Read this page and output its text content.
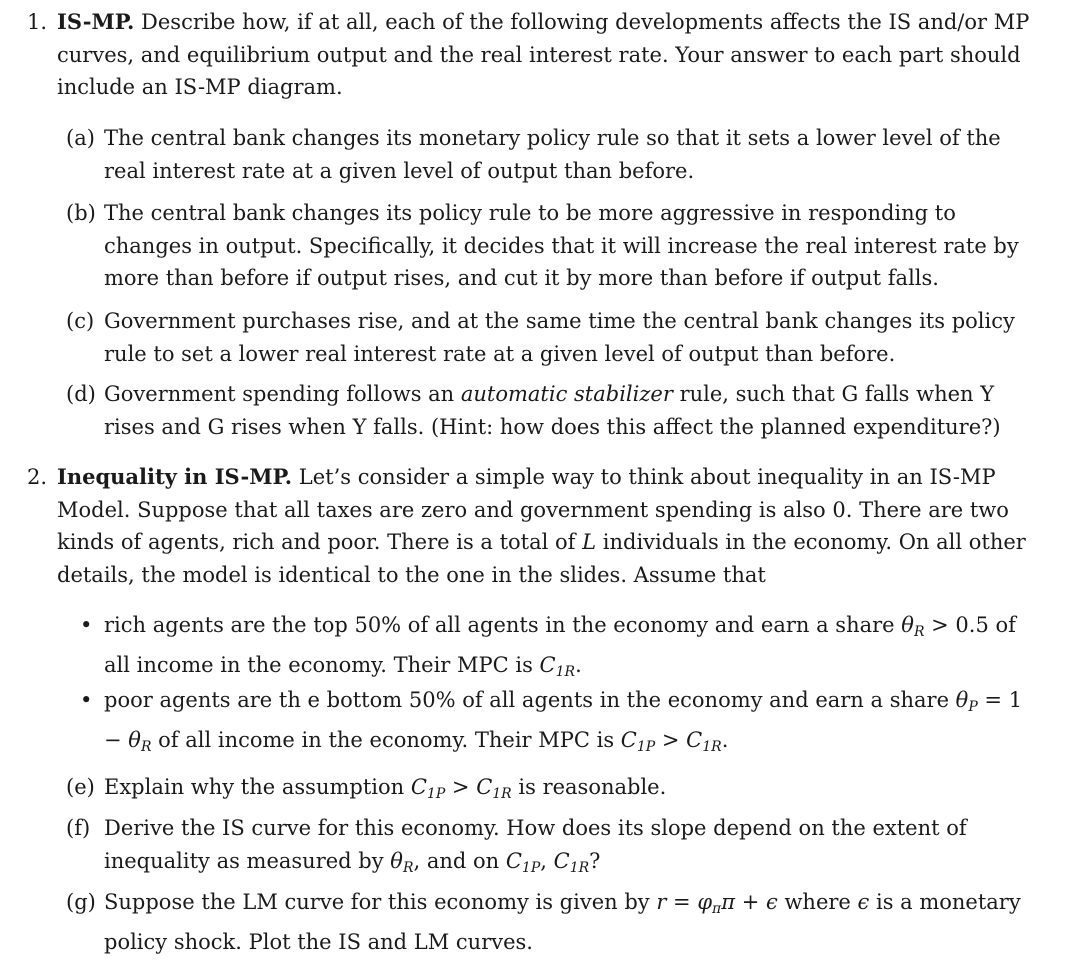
1. IS-MP. Describe how, if at all, each of the following developments affects the IS and/or MP curves, and equilibrium output and the real interest rate. Your answer to each part should include an IS-MP diagram.
(a) The central bank changes its monetary policy rule so that it sets a lower level of the real interest rate at a given level of output than before.
(b) The central bank changes its policy rule to be more aggressive in responding to changes in output. Specifically, it decides that it will increase the real interest rate by more than before if output rises, and cut it by more than before if output falls.
(c) Government purchases rise, and at the same time the central bank changes its policy rule to set a lower real interest rate at a given level of output than before.
(d) Government spending follows an automatic stabilizer rule, such that G falls when Y rises and G rises when Y falls. (Hint: how does this affect the planned expenditure?)
2. Inequality in IS-MP. Let’s consider a simple way to think about inequality in an IS-MP Model. Suppose that all taxes are zero and government spending is also 0. There are two kinds of agents, rich and poor. There is a total of L individuals in the economy. On all other details, the model is identical to the one in the slides. Assume that
• rich agents are the top 50% of all agents in the economy and earn a share $\theta_R > 0.5$ of all income in the economy. Their MPC is $C_{1R}$.
• poor agents are th e bottom 50% of all agents in the economy and earn a share $\theta_P = 1 - \theta_R$ of all income in the economy. Their MPC is $C_{1P} > C_{1R}$.
(e) Explain why the assumption $C_{1P} > C_{1R}$ is reasonable.
(f) Derive the IS curve for this economy. How does its slope depend on the extent of inequality as measured by $\theta_R$, and on $C_{1P}$, $C_{1R}$?
(g) Suppose the LM curve for this economy is given by $r = \varphi_\pi\pi + \epsilon$ where ϵ is a monetary policy shock. Plot the IS and LM curves.
